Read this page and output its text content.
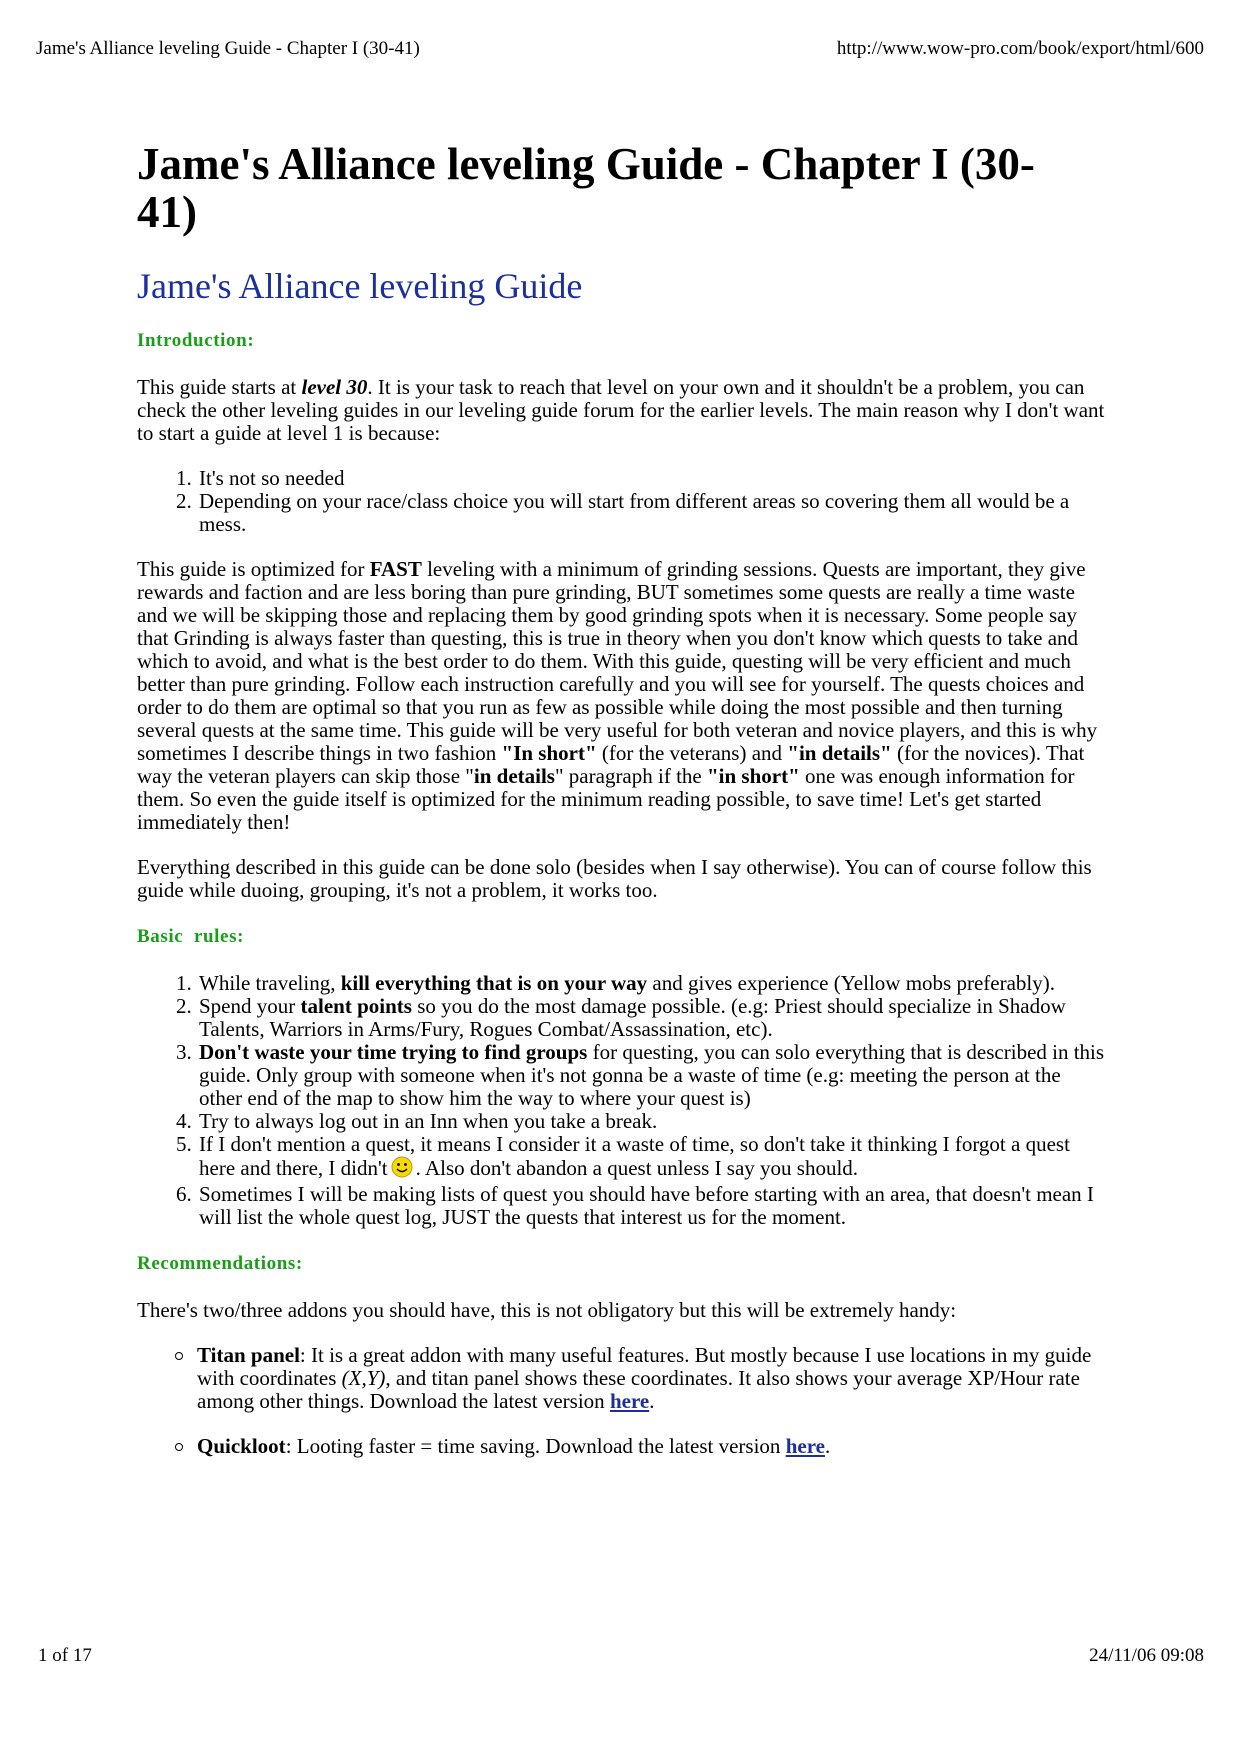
Jame's Alliance leveling Guide - Chapter I (30-41)	http://www.wow-pro.com/book/export/html/600
Jame's Alliance leveling Guide - Chapter I (30-41)
Jame's Alliance leveling Guide
Introduction:

This guide starts at level 30. It is your task to reach that level on your own and it shouldn't be a problem, you can check the other leveling guides in our leveling guide forum for the earlier levels. The main reason why I don't want to start a guide at level 1 is because:

1. It's not so needed
2. Depending on your race/class choice you will start from different areas so covering them all would be a mess.

This guide is optimized for FAST leveling with a minimum of grinding sessions. Quests are important, they give rewards and faction and are less boring than pure grinding, BUT sometimes some quests are really a time waste and we will be skipping those and replacing them by good grinding spots when it is necessary. Some people say that Grinding is always faster than questing, this is true in theory when you don't know which quests to take and which to avoid, and what is the best order to do them. With this guide, questing will be very efficient and much better than pure grinding. Follow each instruction carefully and you will see for yourself. The quests choices and order to do them are optimal so that you run as few as possible while doing the most possible and then turning several quests at the same time. This guide will be very useful for both veteran and novice players, and this is why sometimes I describe things in two fashion "In short" (for the veterans) and "in details" (for the novices). That way the veteran players can skip those "in details" paragraph if the "in short" one was enough information for them. So even the guide itself is optimized for the minimum reading possible, to save time! Let's get started immediately then!

Everything described in this guide can be done solo (besides when I say otherwise). You can of course follow this guide while duoing, grouping, it's not a problem, it works too.

Basic  rules:
1. While traveling, kill everything that is on your way and gives experience (Yellow mobs preferably).
2. Spend your talent points so you do the most damage possible. (e.g: Priest should specialize in Shadow Talents, Warriors in Arms/Fury, Rogues Combat/Assassination, etc).
3. Don't waste your time trying to find groups for questing, you can solo everything that is described in this guide. Only group with someone when it's not gonna be a waste of time (e.g: meeting the person at the other end of the map to show him the way to where your quest is)
4. Try to always log out in an Inn when you take a break.
5. If I don't mention a quest, it means I consider it a waste of time, so don't take it thinking I forgot a quest here and there, I didn't . Also don't abandon a quest unless I say you should.
6. Sometimes I will be making lists of quest you should have before starting with an area, that doesn't mean I will list the whole quest log, JUST the quests that interest us for the moment.
Recommendations:

There's two/three addons you should have, this is not obligatory but this will be extremely handy:

Titan panel: It is a great addon with many useful features. But mostly because I use locations in my guide with coordinates (X,Y), and titan panel shows these coordinates. It also shows your average XP/Hour rate among other things. Download the latest version here.
Quickloot: Looting faster = time saving. Download the latest version here.
1 of 17	24/11/06 09:08
